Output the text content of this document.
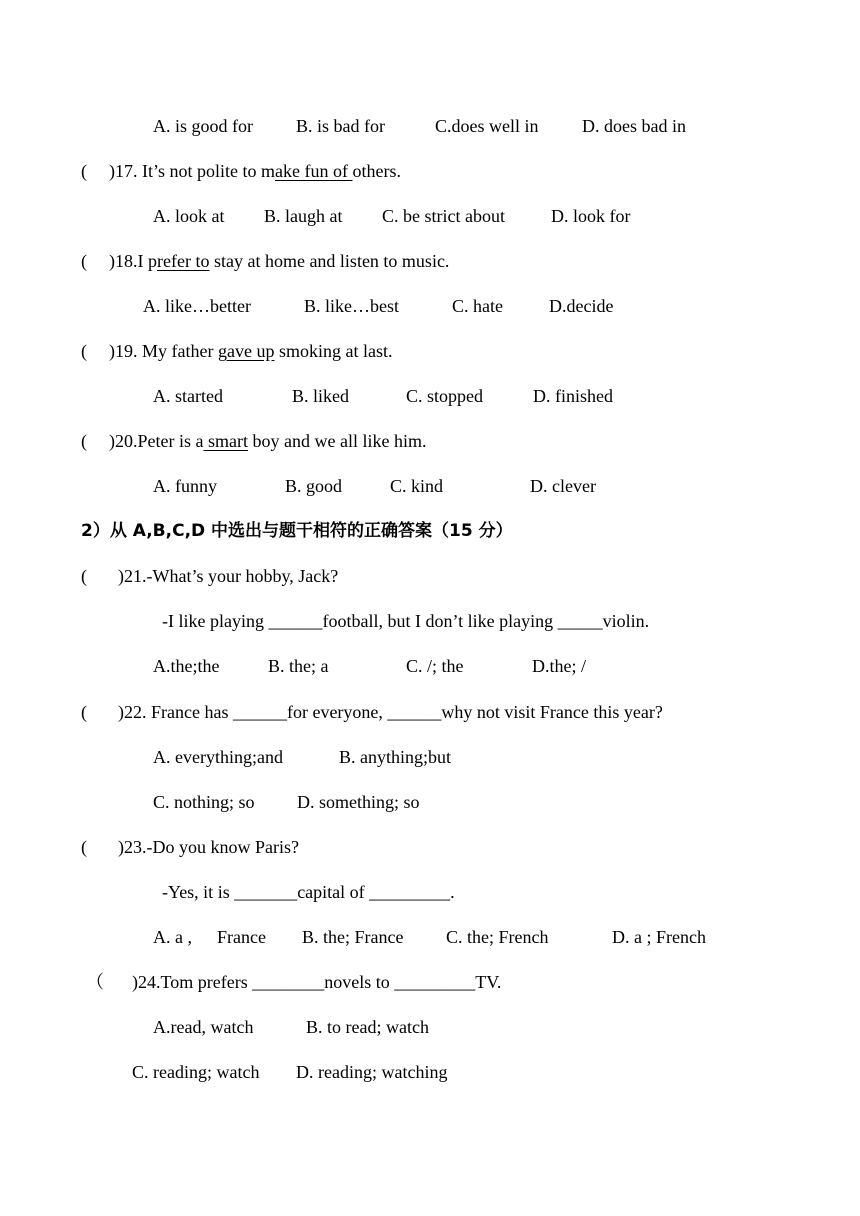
A. is good for B. is bad for	C.does well in D. does bad in
( )17. It’s not polite to make fun of others.
A. look at B. laugh at C. be strict about	D. look for
( )18.I prefer to stay at home and listen to music.
A. like…better	B. like…best	C. hate	D.decide
( )19. My father gave up smoking at last.
A. started	B. liked	C. stopped	D. finished
( )20.Peter is a smart boy and we all like him.
A. funny	B. good	C. kind	D. clever
2）从 A,B,C,D 中选出与题干相符的正确答案（15 分）
( )21.-What’s your hobby, Jack?
-I like playing ______football, but I don’t like playing _____violin.
A.the;the	B. the; a	C. /; the	D.the; /
( )22. France has ______for everyone, ______why not visit France this year?
A. everything;and	B. anything;but
C. nothing; so D. something; so
( )23.-Do you know Paris?
-Yes, it is _______capital of _________.
A. a , France B. the; France C. the; French	D. a ; French
（ )24.Tom prefers ________novels to _________TV.
A.read, watch	B. to read; watch
C. reading; watch D. reading; watching
